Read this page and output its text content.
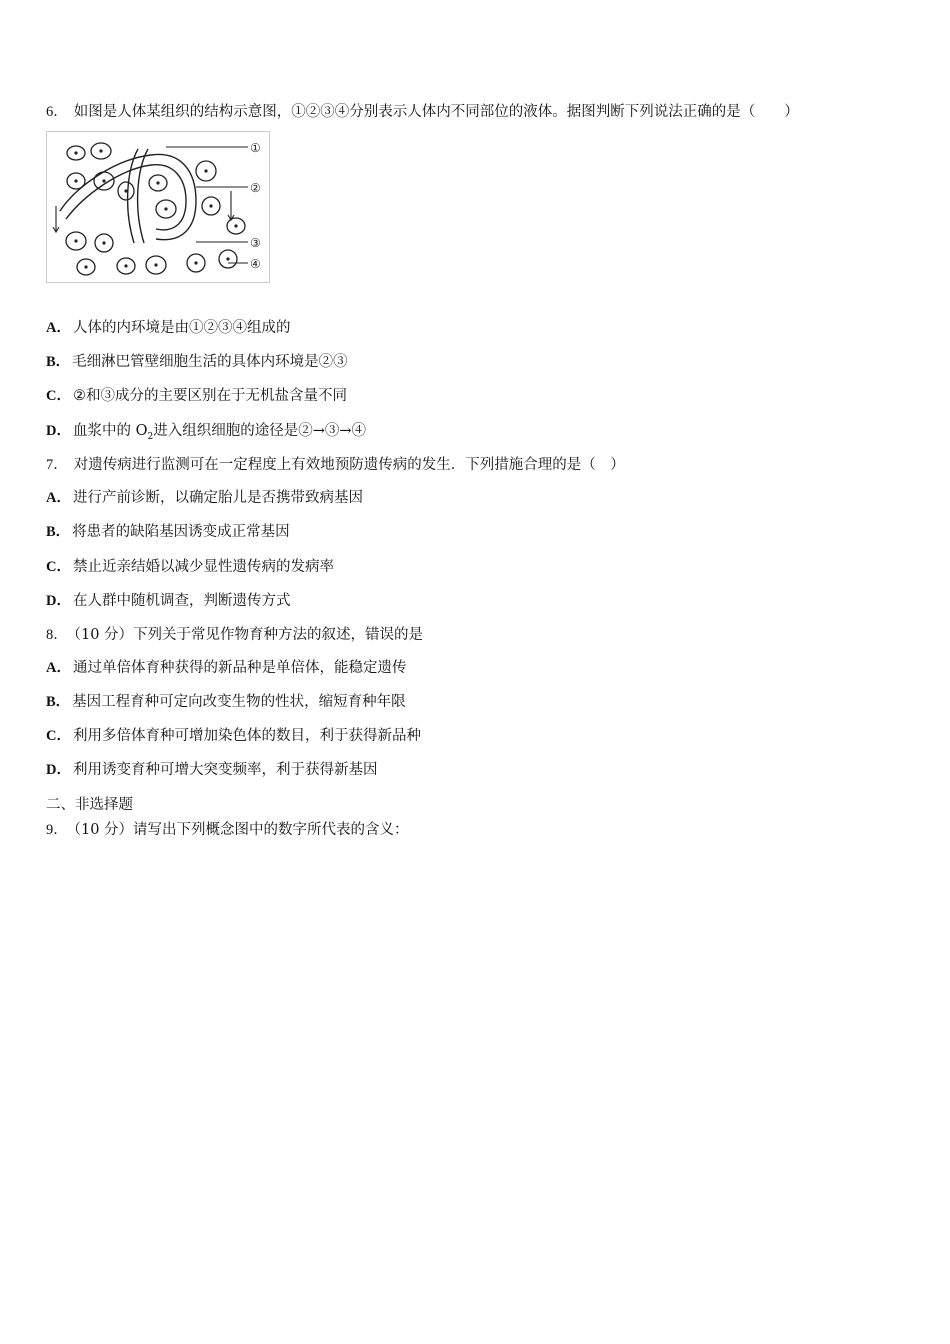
6． 如图是人体某组织的结构示意图，①②③④分别表示人体内不同部位的液体。据图判断下列说法正确的是（　　）
①
②
③
④
A． 人体的内环境是由①②③④组成的
B． 毛细淋巴管壁细胞生活的具体内环境是②③
C． ②和③成分的主要区别在于无机盐含量不同
D． 血浆中的 $O_2$进入组织细胞的途径是②→③→④
7． 对遗传病进行监测可在一定程度上有效地预防遗传病的发生．下列措施合理的是（　）
A． 进行产前诊断，以确定胎儿是否携带致病基因
B． 将患者的缺陷基因诱变成正常基因
C． 禁止近亲结婚以减少显性遗传病的发病率
D． 在人群中随机调查，判断遗传方式
8． （10 分）下列关于常见作物育种方法的叙述，错误的是
A． 通过单倍体育种获得的新品种是单倍体，能稳定遗传
B． 基因工程育种可定向改变生物的性状，缩短育种年限
C． 利用多倍体育种可增加染色体的数目，利于获得新品种
D． 利用诱变育种可增大突变频率，利于获得新基因
二、非选择题
9． （10 分）请写出下列概念图中的数字所代表的含义：
